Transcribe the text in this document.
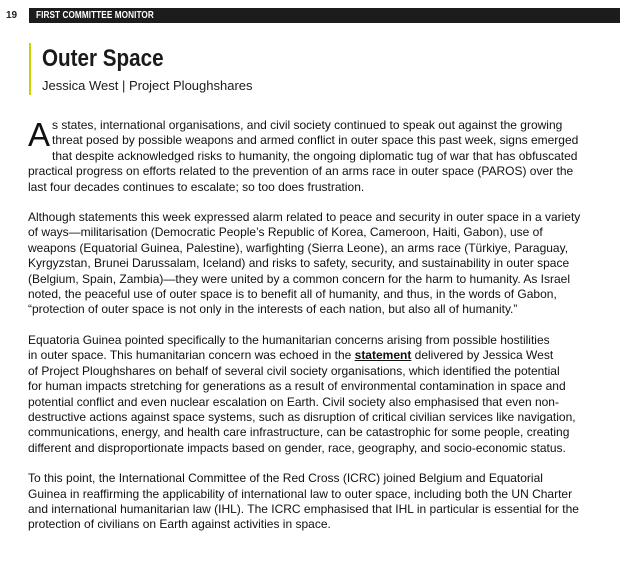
19 FIRST COMMITTEE MONITOR
Outer Space
Jessica West | Project Ploughshares
A s states, international organisations, and civil society continued to speak out against the growing
threat posed by possible weapons and armed conflict in outer space this past week, signs emerged
that despite acknowledged risks to humanity, the ongoing diplomatic tug of war that has obfuscated
practical progress on efforts related to the prevention of an arms race in outer space (PAROS) over the
last four decades continues to escalate; so too does frustration.
Although statements this week expressed alarm related to peace and security in outer space in a variety
of ways—militarisation (Democratic People’s Republic of Korea, Cameroon, Haiti, Gabon), use of
weapons (Equatorial Guinea, Palestine), warfighting (Sierra Leone), an arms race (Türkiye, Paraguay,
Kyrgyzstan, Brunei Darussalam, Iceland) and risks to safety, security, and sustainability in outer space
(Belgium, Spain, Zambia)—they were united by a common concern for the harm to humanity. As Israel
noted, the peaceful use of outer space is to benefit all of humanity, and thus, in the words of Gabon,
“protection of outer space is not only in the interests of each nation, but also all of humanity.”
Equatoria Guinea pointed specifically to the humanitarian concerns arising from possible hostilities
in outer space. This humanitarian concern was echoed in the statement delivered by Jessica West
of Project Ploughshares on behalf of several civil society organisations, which identified the potential
for human impacts stretching for generations as a result of environmental contamination in space and
potential conflict and even nuclear escalation on Earth. Civil society also emphasised that even non-
destructive actions against space systems, such as disruption of critical civilian services like navigation,
communications, energy, and health care infrastructure, can be catastrophic for some people, creating
different and disproportionate impacts based on gender, race, geography, and socio-economic status.
To this point, the International Committee of the Red Cross (ICRC) joined Belgium and Equatorial
Guinea in reaffirming the applicability of international law to outer space, including both the UN Charter
and international humanitarian law (IHL). The ICRC emphasised that IHL in particular is essential for the
protection of civilians on Earth against activities in space.
